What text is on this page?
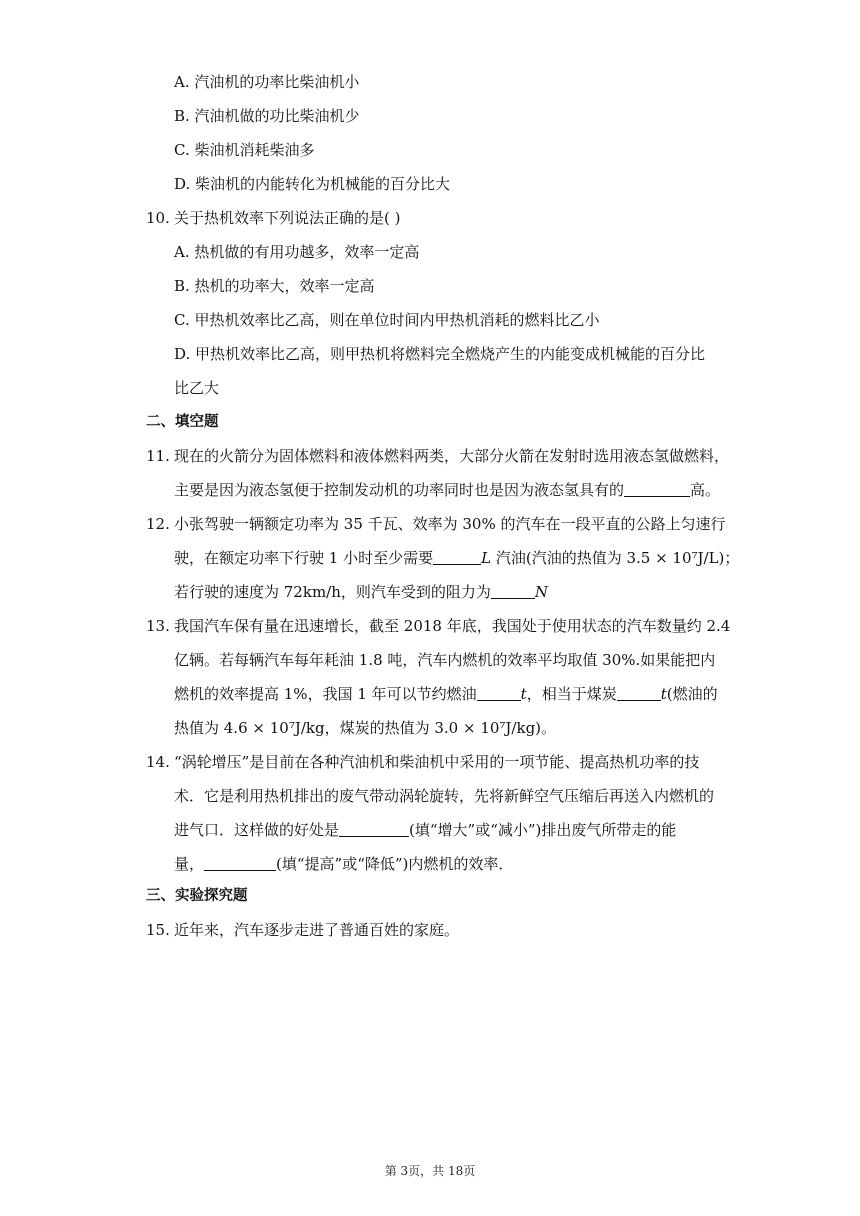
A. 汽油机的功率比柴油机小
B. 汽油机做的功比柴油机少
C. 柴油机消耗柴油多
D. 柴油机的内能转化为机械能的百分比大
10. 关于热机效率下列说法正确的是( )
A. 热机做的有用功越多，效率一定高
B. 热机的功率大，效率一定高
C. 甲热机效率比乙高，则在单位时间内甲热机消耗的燃料比乙小
D. 甲热机效率比乙高，则甲热机将燃料完全燃烧产生的内能变成机械能的百分比
比乙大
二、填空题
11. 现在的火箭分为固体燃料和液体燃料两类，大部分火箭在发射时选用液态氢做燃料，
主要是因为液态氢便于控制发动机的功率同时也是因为液态氢具有的	高。
12. 小张驾驶一辆额定功率为 35 千瓦、效率为 30% 的汽车在一段平直的公路上匀速行
驶，在额定功率下行驶 1 小时至少需要	L 汽油(汽油的热值为 3.5 × 10⁷J/L)；
若行驶的速度为 72km/h，则汽车受到的阻力为	N
13. 我国汽车保有量在迅速增长，截至 2018 年底，我国处于使用状态的汽车数量约 2.4
亿辆。若每辆汽车每年耗油 1.8 吨，汽车内燃机的效率平均取值 30%.如果能把内
燃机的效率提高 1%，我国 1 年可以节约燃油	t，相当于煤炭	t(燃油的
热值为 4.6 × 10⁷J/kg，煤炭的热值为 3.0 × 10⁷J/kg)。
14. “涡轮增压”是目前在各种汽油机和柴油机中采用的一项节能、提高热机功率的技
术．它是利用热机排出的废气带动涡轮旋转，先将新鲜空气压缩后再送入内燃机的
进气口．这样做的好处是	(填“增大”或“减小”)排出废气所带走的能
量，	(填“提高”或“降低”)内燃机的效率．
三、实验探究题
15. 近年来，汽车逐步走进了普通百姓的家庭。
第 3页，共 18页
